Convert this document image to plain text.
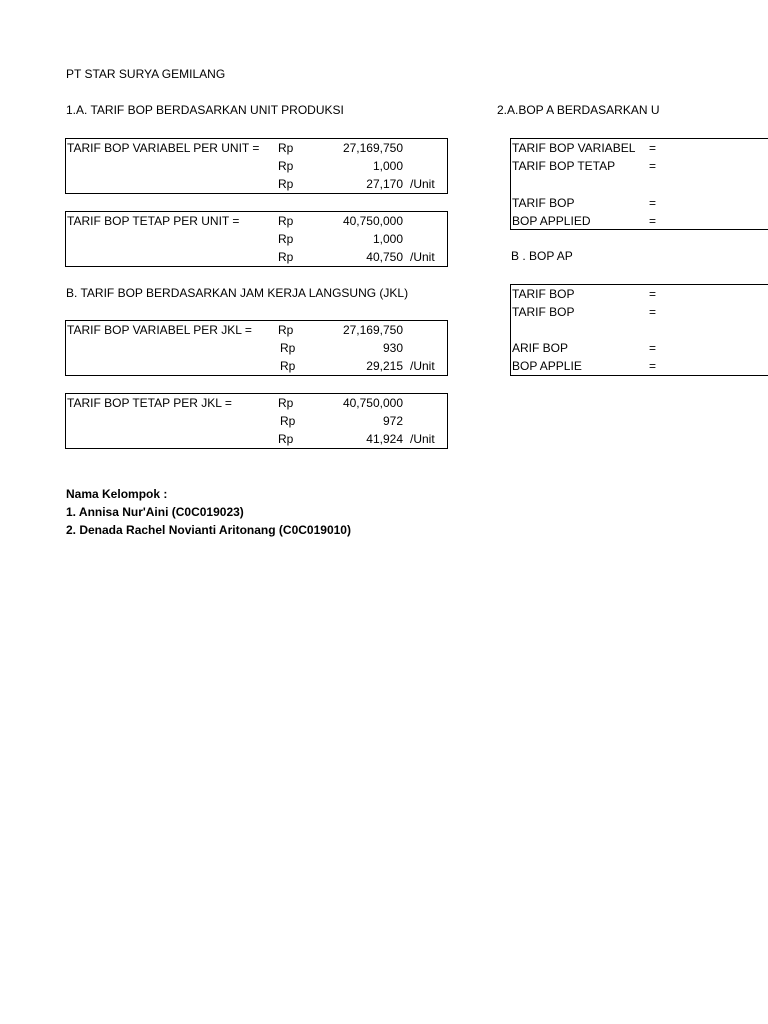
PT STAR SURYA GEMILANG
1.A. TARIF BOP BERDASARKAN UNIT PRODUKSI
TARIF BOP VARIABEL PER UNIT = Rp	27,169,750
Rp	1,000
Rp	27,170 /Unit
TARIF BOP TETAP PER UNIT =	Rp	40,750,000
Rp	1,000
Rp	40,750 /Unit
B. TARIF BOP BERDASARKAN JAM KERJA LANGSUNG (JKL)
TARIF BOP VARIABEL PER JKL = Rp	27,169,750
Rp	930
Rp	29,215 /Unit
TARIF BOP TETAP PER JKL =	Rp	40,750,000
Rp	972
Rp	41,924 /Unit
2.A.BOP A BERDASARKAN U
TARIF BOP VARIABEL =
TARIF BOP TETAP	=
TARIF BOP	=
BOP APPLIED	=
B . BOP AP
TARIF BOP	=
TARIF BOP	=
ARIF BOP	=
BOP APPLIE	=
Nama Kelompok :
1. Annisa Nur'Aini (C0C019023)
2. Denada Rachel Novianti Aritonang (C0C019010)
